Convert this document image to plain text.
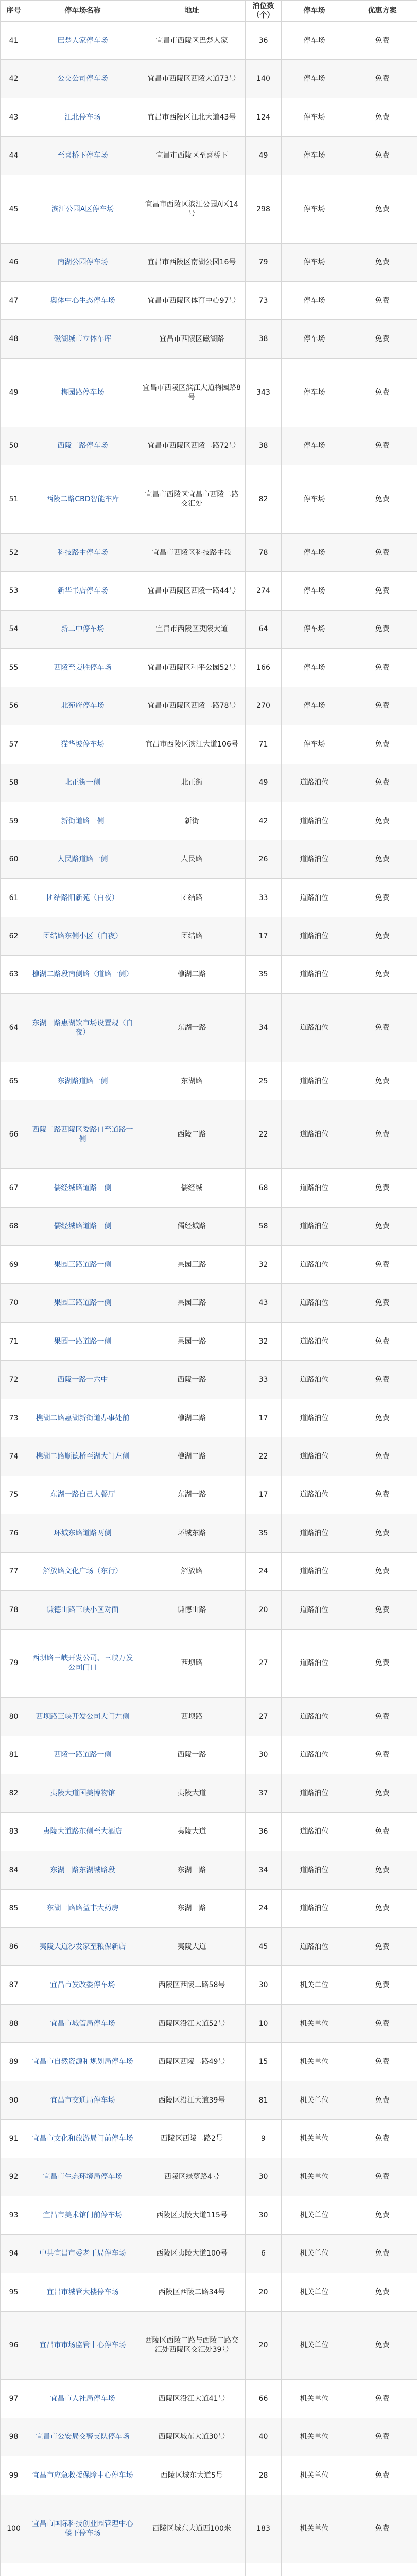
序号	停车场名称	地址	泊位数（个）	停车场	优惠方案
41	巴楚人家停车场	宜昌市西陵区巴楚人家	36	停车场	免费
42	公交公司停车场	宜昌市西陵区西陵大道73号	140	停车场	免费
43	江北停车场	宜昌市西陵区江北大道43号	124	停车场	免费
44	至喜桥下停车场	宜昌市西陵区至喜桥下	49	停车场	免费
45	滨江公园A区停车场	宜昌市西陵区滨江公园A区14号	298	停车场	免费
46	南湖公园停车场	宜昌市西陵区南湖公园16号	79	停车场	免费
47	奥体中心生态停车场	宜昌市西陵区体育中心97号	73	停车场	免费
48	磁湖城市立体车库	宜昌市西陵区磁湖路	38	停车场	免费
49	梅园路停车场	宜昌市西陵区滨江大道梅园路8号	343	停车场	免费
50	西陵二路停车场	宜昌市西陵区西陵二路72号	38	停车场	免费
51	西陵二路CBD智能车库	宜昌市西陵区宜昌市西陵二路交汇处	82	停车场	免费
52	科技路中停车场	宜昌市西陵区科技路中段	78	停车场	免费
53	新华书店停车场	宜昌市西陵区西陵一路44号	274	停车场	免费
54	新二中停车场	宜昌市西陵区夷陵大道	64	停车场	免费
55	西陵至姜胜停车场	宜昌市西陵区和平公园52号	166	停车场	免费
56	北苑府停车场	宜昌市西陵区西陵二路78号	270	停车场	免费
57	猫华坡停车场	宜昌市西陵区滨江大道106号	71	停车场	免费
58	北正街一侧	北正街	49	道路泊位	免费
59	新街道路一侧	新街	42	道路泊位	免费
60	人民路道路一侧	人民路	26	道路泊位	免费
61	团结路阳新苑（白夜）	团结路	33	道路泊位	免费
62	团结路东侧小区（白夜）	团结路	17	道路泊位	免费
63	樵湖二路段南侧路（道路一侧）	樵湖二路	35	道路泊位	免费
64	东湖一路惠湖饮市场设置规（白夜）	东湖一路	34	道路泊位	免费
65	东湖路道路一侧	东湖路	25	道路泊位	免费
66	西陵二路西陵区委路口至道路一侧	西陵二路	22	道路泊位	免费
67	儒经城路道路一侧	儒经城	68	道路泊位	免费
68	儒经城路道路一侧	儒经城路	58	道路泊位	免费
69	果园三路道路一侧	果园三路	32	道路泊位	免费
70	果园三路道路一侧	果园三路	43	道路泊位	免费
71	果园一路道路一侧	果园一路	32	道路泊位	免费
72	西陵一路十六中	西陵一路	33	道路泊位	免费
73	樵湖二路惠湖新街道办事处前	樵湖二路	17	道路泊位	免费
74	樵湖二路顺德桥至湖大门左侧	樵湖二路	22	道路泊位	免费
75	东湖一路自己人餐厅	东湖一路	17	道路泊位	免费
76	环城东路道路两侧	环城东路	35	道路泊位	免费
77	解放路文化广场（东行）	解放路	24	道路泊位	免费
78	谦德山路三峡小区对面	谦德山路	20	道路泊位	免费
79	西坝路三峡开发公司、三峡万发公司门口	西坝路	27	道路泊位	免费
80	西坝路三峡开发公司大门左侧	西坝路	27	道路泊位	免费
81	西陵一路道路一侧	西陵一路	30	道路泊位	免费
82	夷陵大道国美博物馆	夷陵大道	37	道路泊位	免费
83	夷陵大道路东侧至大酒店	夷陵大道	36	道路泊位	免费
84	东湖一路东湖城路段	东湖一路	34	道路泊位	免费
85	东湖一路路益丰大药房	东湖一路	24	道路泊位	免费
86	夷陵大道沙发家至粮保新店	夷陵大道	45	道路泊位	免费
87	宜昌市发改委停车场	西陵区西陵二路58号	30	机关单位	免费
88	宜昌市城管局停车场	西陵区沿江大道52号	10	机关单位	免费
89	宜昌市自然资源和规划局停车场	西陵区西陵二路49号	15	机关单位	免费
90	宜昌市交通局停车场	西陵区沿江大道39号	81	机关单位	免费
91	宜昌市文化和旅游局门前停车场	西陵区西陵二路2号	9	机关单位	免费
92	宜昌市生态环境局停车场	西陵区绿萝路4号	30	机关单位	免费
93	宜昌市美术馆门前停车场	西陵区夷陵大道115号	30	机关单位	免费
94	中共宜昌市委老干局停车场	西陵区夷陵大道100号	6	机关单位	免费
95	宜昌市城管大楼停车场	西陵区西陵二路34号	20	机关单位	免费
96	宜昌市市场监管中心停车场	西陵区西陵二路与西陵二路交汇处西陵区交汇处39号	20	机关单位	免费
97	宜昌市人社局停车场	西陵区沿江大道41号	66	机关单位	免费
98	宜昌市公安局交警支队停车场	西陵区城东大道30号	40	机关单位	免费
99	宜昌市应急救援保障中心停车场	西陵区城东大道5号	28	机关单位	免费
100	宜昌市国际科技创业园管理中心楼下停车场	西陵区城东大道西100米	183	机关单位	免费
